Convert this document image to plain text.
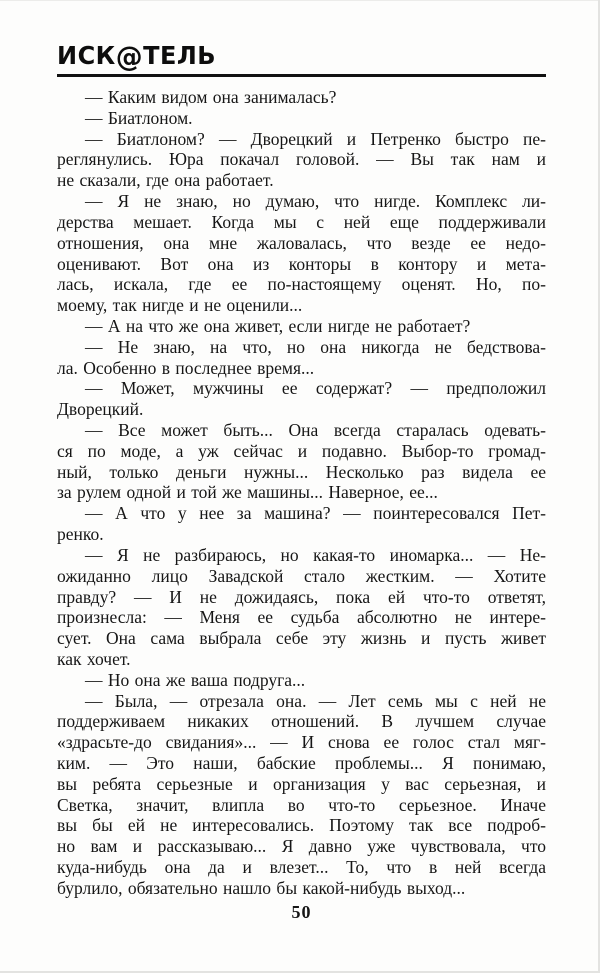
ИСК@ТЕЛЬ
— Каким видом она занималась?
— Биатлоном.
— Биатлоном? — Дворецкий и Петренко быстро пе-
реглянулись. Юра покачал головой. — Вы так нам и
не сказали, где она работает.
— Я не знаю, но думаю, что нигде. Комплекс ли-
дерства мешает. Когда мы с ней еще поддерживали
отношения, она мне жаловалась, что везде ее недо-
оценивают. Вот она из конторы в контору и мета-
лась, искала, где ее по-настоящему оценят. Но, по-
моему, так нигде и не оценили...
— А на что же она живет, если нигде не работает?
— Не знаю, на что, но она никогда не бедствова-
ла. Особенно в последнее время...
— Может, мужчины ее содержат? — предположил
Дворецкий.
— Все может быть... Она всегда старалась одевать-
ся по моде, а уж сейчас и подавно. Выбор-то громад-
ный, только деньги нужны... Несколько раз видела ее
за рулем одной и той же машины... Наверное, ее...
— А что у нее за машина? — поинтересовался Пет-
ренко.
— Я не разбираюсь, но какая-то иномарка... — Не-
ожиданно лицо Завадской стало жестким. — Хотите
правду? — И не дожидаясь, пока ей что-то ответят,
произнесла: — Меня ее судьба абсолютно не интере-
сует. Она сама выбрала себе эту жизнь и пусть живет
как хочет.
— Но она же ваша подруга...
— Была, — отрезала она. — Лет семь мы с ней не
поддерживаем никаких отношений. В лучшем случае
«здрасьте-до свидания»... — И снова ее голос стал мяг-
ким. — Это наши, бабские проблемы... Я понимаю,
вы ребята серьезные и организация у вас серьезная, и
Светка, значит, влипла во что-то серьезное. Иначе
вы бы ей не интересовались. Поэтому так все подроб-
но вам и рассказываю... Я давно уже чувствовала, что
куда-нибудь она да и влезет... То, что в ней всегда
бурлило, обязательно нашло бы какой-нибудь выход...
50
